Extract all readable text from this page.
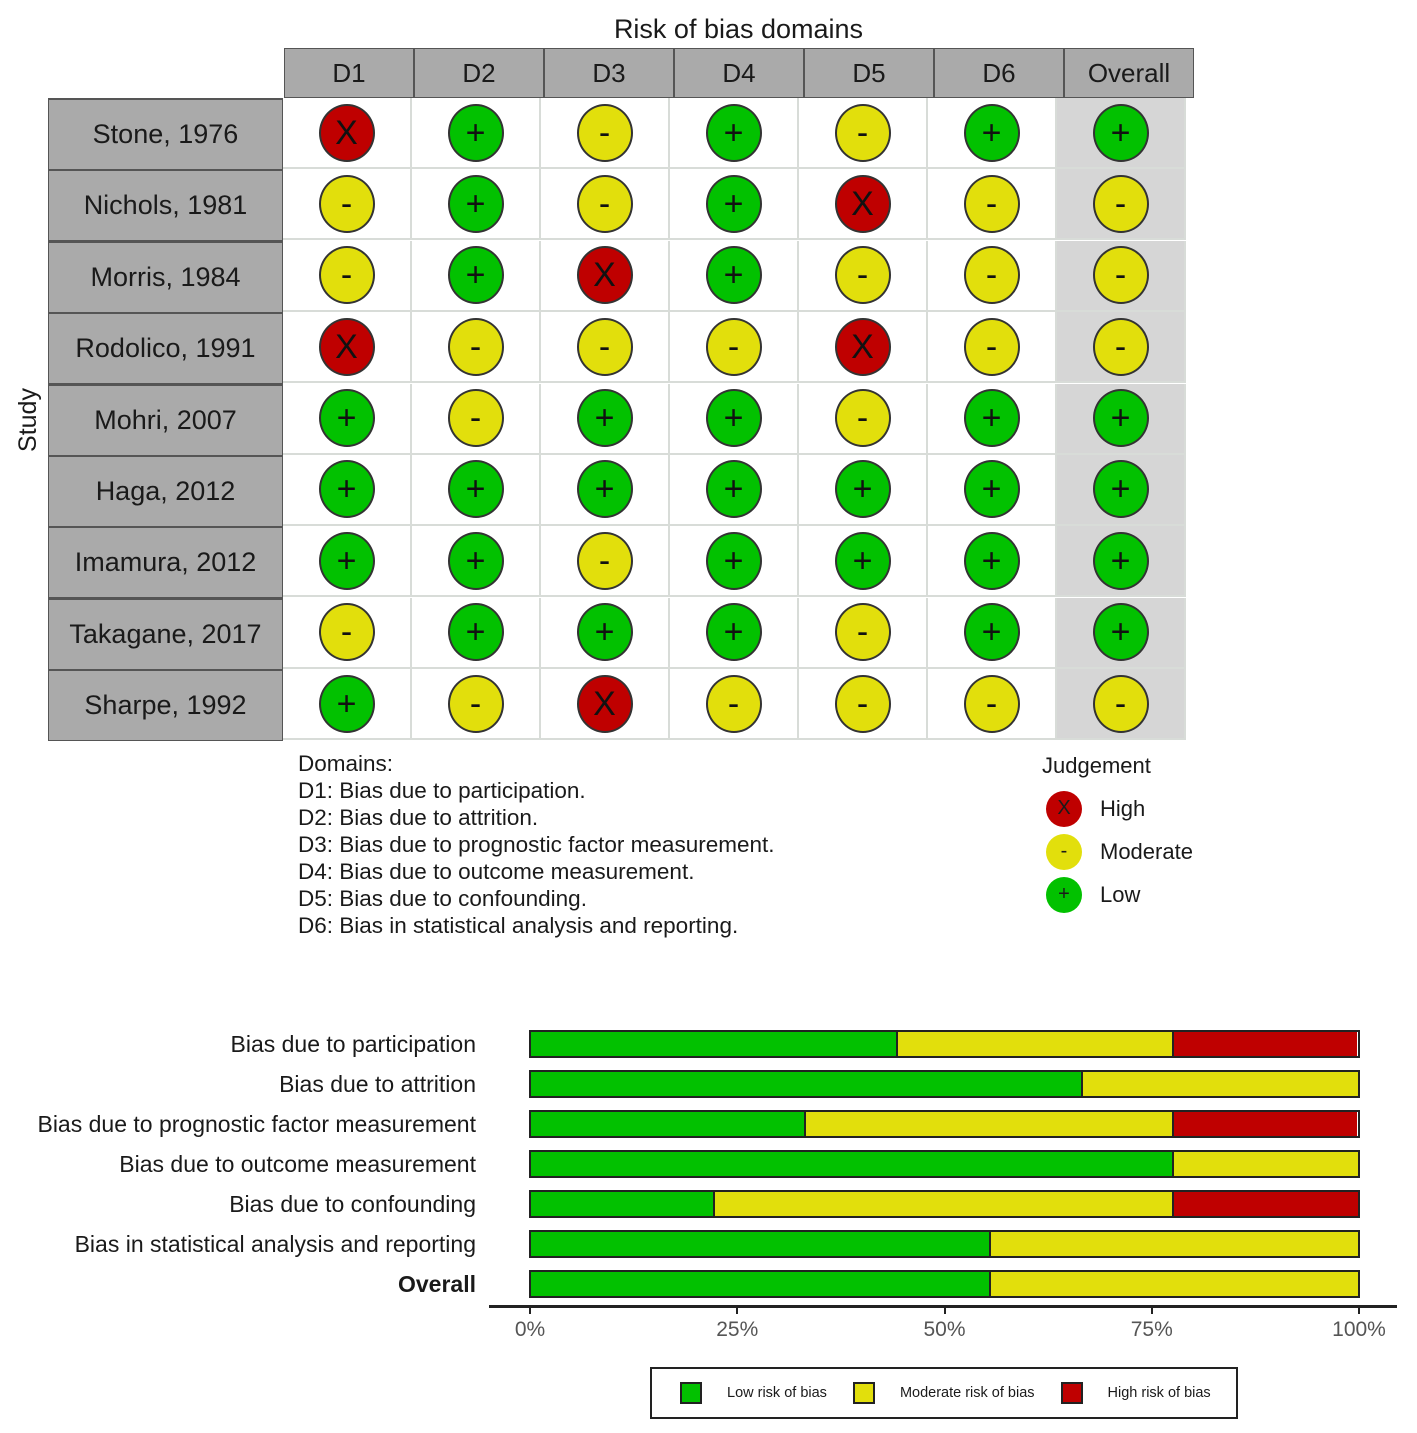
Risk of bias domains
Study
D1	D2	D3	D4	D5	D6	Overall
Stone, 1976	X	+	-	+	-	+	+
Nichols, 1981	-	+	-	+	X	-	-
Morris, 1984	-	+	X	+	-	-	-
Rodolico, 1991	X	-	-	-	X	-	-
Mohri, 2007	+	-	+	+	-	+	+
Haga, 2012	+	+	+	+	+	+	+
Imamura, 2012	+	+	-	+	+	+	+
Takagane, 2017	-	+	+	+	-	+	+
Sharpe, 1992	+	-	X	-	-	-	-
Domains:
D1: Bias due to participation.
D2: Bias due to attrition.
D3: Bias due to prognostic factor measurement.
D4: Bias due to outcome measurement.
D5: Bias due to confounding.
D6: Bias in statistical analysis and reporting.
Judgement
X	High
-	Moderate
+	Low
Bias due to participation
Bias due to attrition
Bias due to prognostic factor measurement
Bias due to outcome measurement
Bias due to confounding
Bias in statistical analysis and reporting
Overall
0%	25%	50%	75%	100%
Low risk of bias	Moderate risk of bias	High risk of bias
